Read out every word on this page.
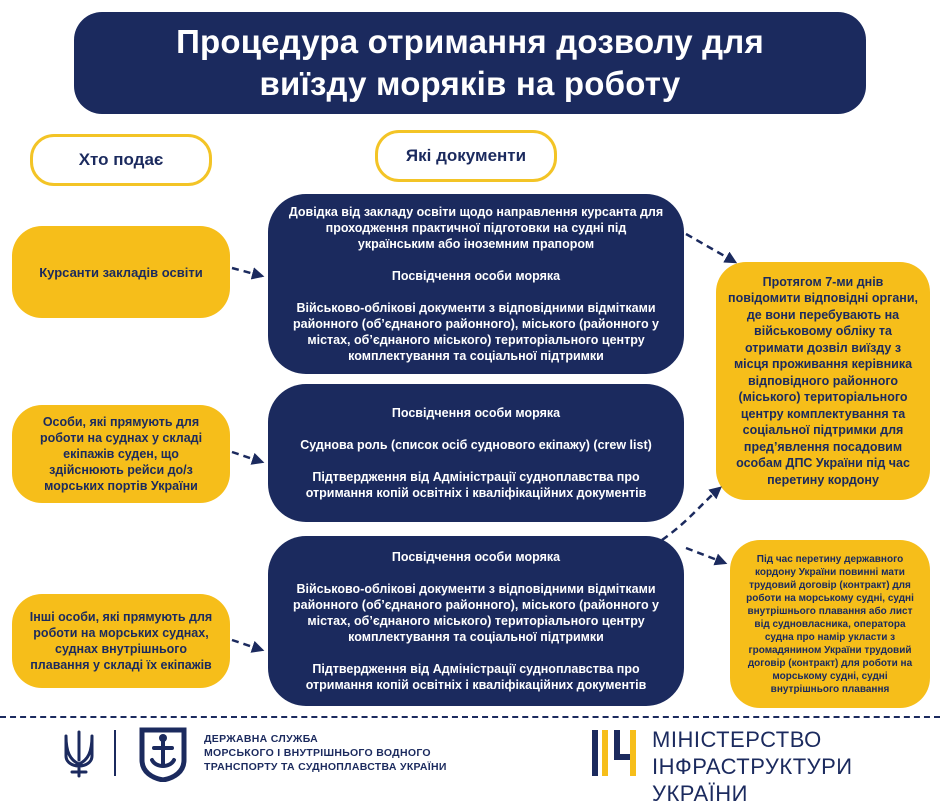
Процедура отримання дозволу для
виїзду моряків на роботу
Хто подає	Які документи
Курсанти закладів освіти
Особи, які прямують для роботи на суднах у складі екіпажів суден, що здійснюють рейси до/з морських портів України
Інші особи, які прямують для роботи на морських суднах, суднах внутрішнього плавання у складі їх екіпажів
Довідка від закладу освіти щодо направлення курсанта для проходження практичної підготовки на судні під українським або іноземним прапором
Посвідчення особи моряка
Військово-облікові документи з відповідними відмітками районного (об’єднаного районного), міського (районного у містах, об’єднаного міського) територіального центру комплектування та соціальної підтримки
Посвідчення особи моряка
Суднова роль (список осіб суднового екіпажу) (crew list)
Підтвердження від Адміністрації судноплавства про отримання копій освітніх і кваліфікаційних документів
Посвідчення особи моряка
Військово-облікові документи з відповідними відмітками районного (об’єднаного районного), міського (районного у містах, об’єднаного міського) територіального центру комплектування та соціальної підтримки
Підтвердження від Адміністрації судноплавства про отримання копій освітніх і кваліфікаційних документів
Протягом 7-ми днів повідомити відповідні органи, де вони перебувають на військовому обліку та отримати дозвіл виїзду з місця проживання керівника відповідного районного (міського) територіального центру комплектування та соціальної підтримки для пред’явлення посадовим особам ДПС України під час перетину кордону
Під час перетину державного кордону України повинні мати трудовий договір (контракт) для роботи на морському судні, судні внутрішнього плавання або лист від судновласника, оператора судна про намір укласти з громадянином України трудовий договір (контракт) для роботи на морському судні, судні внутрішнього плавання
ДЕРЖАВНА СЛУЖБА
МОРСЬКОГО І ВНУТРІШНЬОГО ВОДНОГО
ТРАНСПОРТУ ТА СУДНОПЛАВСТВА УКРАЇНИ
МІНІСТЕРСТВО
ІНФРАСТРУКТУРИ УКРАЇНИ
